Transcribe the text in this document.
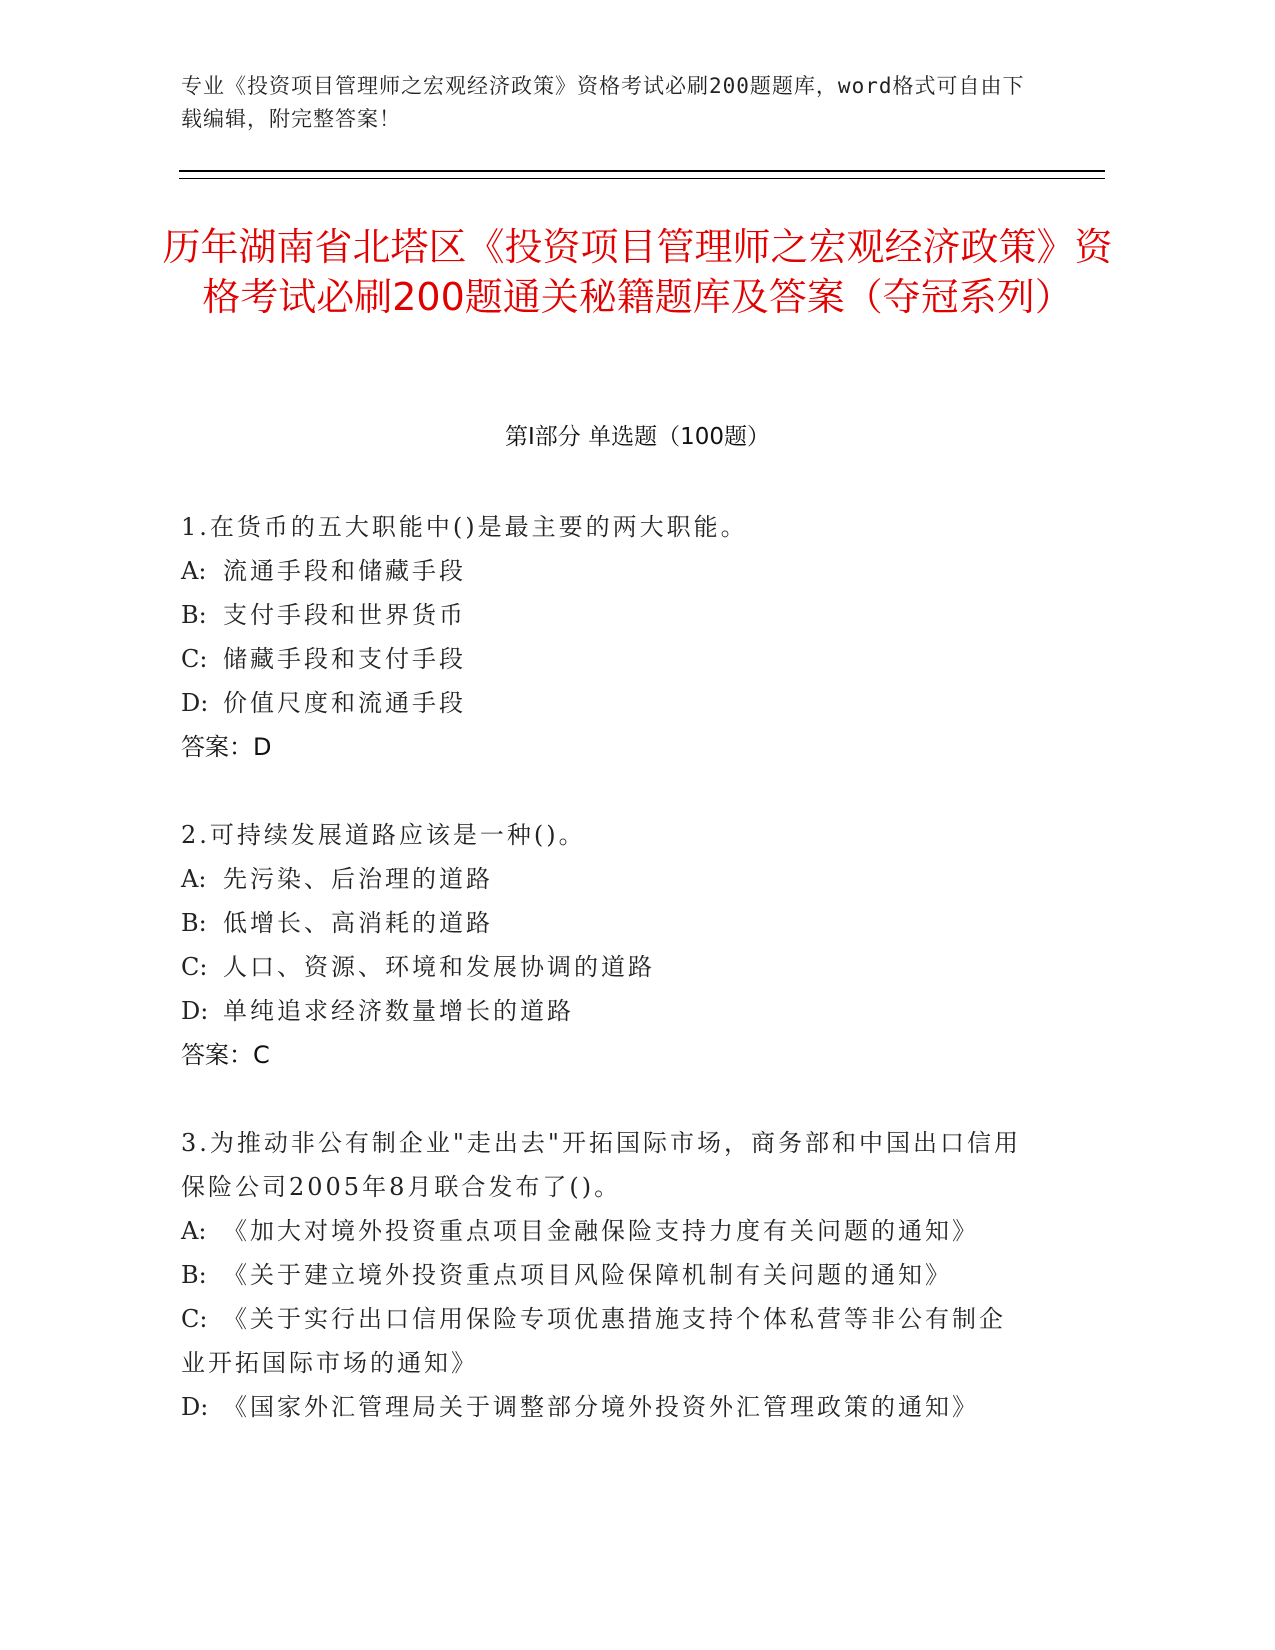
专业《投资项目管理师之宏观经济政策》资格考试必刷200题题库，word格式可自由下载编辑，附完整答案！
历年湖南省北塔区《投资项目管理师之宏观经济政策》资格考试必刷200题通关秘籍题库及答案（夺冠系列）
第Ⅰ部分 单选题（100题）

1.在货币的五大职能中()是最主要的两大职能。

A: 流通手段和储藏手段

B: 支付手段和世界货币

C: 储藏手段和支付手段

D: 价值尺度和流通手段

答案：D

2.可持续发展道路应该是一种()。

A: 先污染、后治理的道路

B: 低增长、高消耗的道路

C: 人口、资源、环境和发展协调的道路

D: 单纯追求经济数量增长的道路

答案：C

3.为推动非公有制企业"走出去"开拓国际市场，商务部和中国出口信用保险公司2005年8月联合发布了()。

A: 《加大对境外投资重点项目金融保险支持力度有关问题的通知》

B: 《关于建立境外投资重点项目风险保障机制有关问题的通知》

C: 《关于实行出口信用保险专项优惠措施支持个体私营等非公有制企业开拓国际市场的通知》

D: 《国家外汇管理局关于调整部分境外投资外汇管理政策的通知》
